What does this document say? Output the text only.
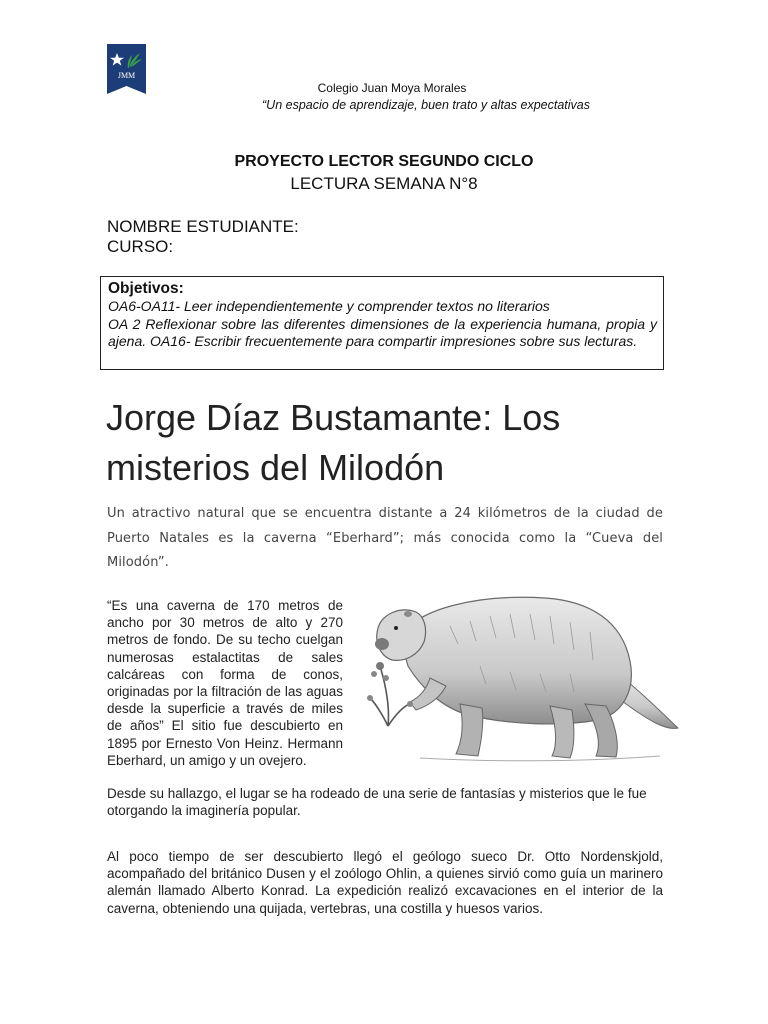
JMM
Colegio Juan Moya Morales
“Un espacio de aprendizaje, buen trato y altas expectativas
PROYECTO LECTOR SEGUNDO CICLO
LECTURA SEMANA N°8
NOMBRE ESTUDIANTE:
CURSO:
Objetivos:
OA6-OA11- Leer independientemente y comprender textos no literarios
OA 2 Reflexionar sobre las diferentes dimensiones de la experiencia humana, propia y ajena. OA16- Escribir frecuentemente para compartir impresiones sobre sus lecturas.
Jorge Díaz Bustamante: Los misterios del Milodón
Un atractivo natural que se encuentra distante a 24 kilómetros de la ciudad de Puerto Natales es la caverna “Eberhard”; más conocida como la “Cueva del Milodón”.
“Es una caverna de 170 metros de ancho por 30 metros de alto y 270 metros de fondo. De su techo cuelgan numerosas estalactitas de sales calcáreas con forma de conos, originadas por la filtración de las aguas desde la superficie a través de miles de años” El sitio fue descubierto en 1895 por Ernesto Von Heinz. Hermann Eberhard, un amigo y un ovejero.
Desde su hallazgo, el lugar se ha rodeado de una serie de fantasías y misterios que le fue otorgando la imaginería popular.
Al poco tiempo de ser descubierto llegó el geólogo sueco Dr. Otto Nordenskjold, acompañado del británico Dusen y el zoólogo Ohlin, a quienes sirvió como guía un marinero alemán llamado Alberto Konrad. La expedición realizó excavaciones en el interior de la caverna, obteniendo una quijada, vertebras, una costilla y huesos varios.
